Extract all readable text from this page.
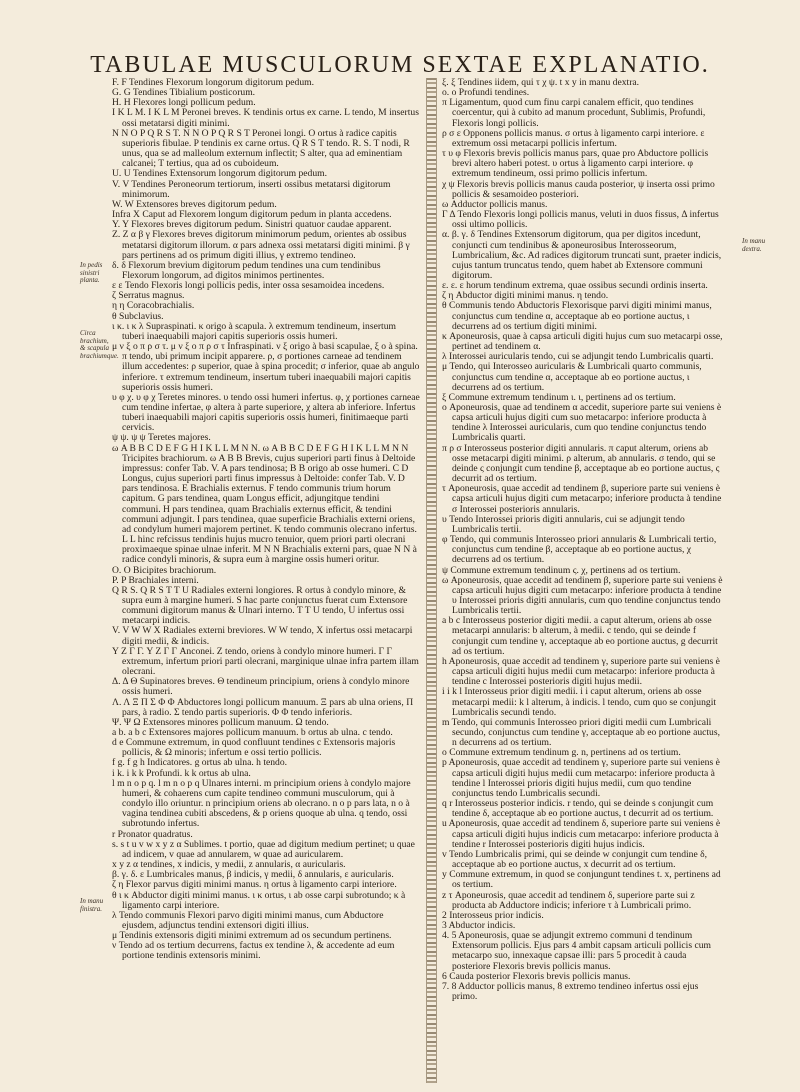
TABULAE MUSCULORUM SEXTAE EXPLANATIO.
In pedis sinistri planta.
Circa brachium, & scapula brachiumque.
In manu finistra.
In manu dextra.

F. F Tendines Flexorum longorum digitorum pedum.

G. G Tendines Tibialium posticorum.

H. H Flexores longi pollicum pedum.

I K L M. I K L M Peronei breves. K tendinis ortus ex carne. L tendo, M insertus ossi metatarsi digiti minimi.

N N O P Q R S T. N N O P Q R S T Peronei longi. O ortus à radice capitis superioris fibulae. P tendinis ex carne ortus. Q R S T tendo. R. S. T nodi, R unus, qua se ad malleolum externum inflectit; S alter, qua ad eminentiam calcanei; T tertius, qua ad os cuboideum.

U. U Tendines Extensorum longorum digitorum pedum.

V. V Tendines Peroneorum tertiorum, inserti ossibus metatarsi digitorum minimorum.

W. W Extensores breves digitorum pedum.

Infra X Caput ad Flexorem longum digitorum pedum in planta accedens.

Y. Y Flexores breves digitorum pedum. Sinistri quatuor caudae apparent.

Z. Z α β γ Flexores breves digitorum minimorum pedum, orientes ab ossibus metatarsi digitorum illorum. α pars adnexa ossi metatarsi digiti minimi. β γ pars pertinens ad os primum digiti illius, γ extremo tendineo.

δ. δ Flexorum brevium digitorum pedum tendines una cum tendinibus Flexorum longorum, ad digitos minimos pertinentes.

ε ε Tendo Flexoris longi pollicis pedis, inter ossa sesamoidea incedens.

ζ Serratus magnus.

η η Coracobrachialis.

θ Subclavius.

ι κ. ι κ λ Supraspinati. κ origo à scapula. λ extremum tendineum, insertum tuberi inaequabili majori capitis superioris ossis humeri.

μ ν ξ ο π ρ σ τ. μ ν ξ ο π ρ σ τ Infraspinati. ν ξ origo à basi scapulae, ξ ο à spina. π tendo, ubi primum incipit apparere. ρ, σ portiones carneae ad tendinem illum accedentes: ρ superior, quae à spina procedit; σ inferior, quae ab angulo inferiore. τ extremum tendineum, insertum tuberi inaequabili majori capitis superioris ossis humeri.

υ φ χ. υ φ χ Teretes minores. υ tendo ossi humeri infertus. φ, χ portiones carneae cum tendine infertae, φ altera à parte superiore, χ altera ab inferiore. Infertus tuberi inaequabili majori capitis superioris ossis humeri, finitimaeque parti cervicis.

ψ ψ. ψ ψ Teretes majores.

ω A B B C D E F G H I K L L M N N. ω A B B C D E F G H I K L L M N N Tricipites brachiorum. ω A B B Brevis, cujus superiori parti finus à Deltoide impressus: confer Tab. V. A pars tendinosa; B B origo ab osse humeri. C D Longus, cujus superiori parti finus impressus à Deltoide: confer Tab. V. D pars tendinosa. E Brachialis externus. F tendo communis trium horum capitum. G pars tendinea, quam Longus efficit, adjungitque tendini communi. H pars tendinea, quam Brachialis externus efficit, & tendini communi adjungit. I pars tendinea, quae superficie Brachialis externi oriens, ad condylum humeri majorem pertinet. K tendo communis olecrano infertus. L L hinc refcissus tendinis hujus mucro tenuior, quem priori parti olecrani proximaeque spinae ulnae inferit. M N N Brachialis externi pars, quae N N à radice condyli minoris, & supra eum à margine ossis humeri oritur.

O. O Bicipites brachiorum.

P. P Brachiales interni.

Q R S. Q R S T T U Radiales externi longiores. R ortus à condylo minore, & supra eum à margine humeri. S hac parte conjunctus fuerat cum Extensore communi digitorum manus & Ulnari interno. T T U tendo, U infertus ossi metacarpi indicis.

V. V W W X Radiales externi breviores. W W tendo, X infertus ossi metacarpi digiti medii, & indicis.

Y Z Γ Γ. Y Z Γ Γ Anconei. Z tendo, oriens à condylo minore humeri. Γ Γ extremum, infertum priori parti olecrani, marginique ulnae infra partem illam olecrani.

Δ. Δ Θ Supinatores breves. Θ tendineum principium, oriens à condylo minore ossis humeri.

Λ. Λ Ξ Π Σ Φ Φ Abductores longi pollicum manuum. Ξ pars ab ulna oriens, Π pars, à radio. Σ tendo partis superioris. Φ Φ tendo inferioris.

Ψ. Ψ Ω Extensores minores pollicum manuum. Ω tendo.

a b. a b c Extensores majores pollicum manuum. b ortus ab ulna. c tendo.

d e Commune extremum, in quod confluunt tendines c Extensoris majoris pollicis, & Ω minoris; infertum e ossi tertio pollicis.

f g. f g h Indicatores. g ortus ab ulna. h tendo.

i k. i k k Profundi. k k ortus ab ulna.

l m n o p q. l m n o p q Ulnares interni. m principium oriens à condylo majore humeri, & cohaerens cum capite tendineo communi musculorum, qui à condylo illo oriuntur. n principium oriens ab olecrano. n o p pars lata, n o à vagina tendinea cubiti abscedens, & p oriens quoque ab ulna. q tendo, ossi subrotundo infertus.

r Pronator quadratus.

s. s t u v w x y z α Sublimes. t portio, quae ad digitum medium pertinet; u quae ad indicem, v quae ad annularem, w quae ad auricularem.

x y z α tendines, x indicis, y medii, z annularis, α auricularis.

β. γ. δ. ε Lumbricales manus, β indicis, γ medii, δ annularis, ε auricularis.

ζ η Flexor parvus digiti minimi manus. η ortus à ligamento carpi interiore.

θ ι κ Abductor digiti minimi manus. ι κ ortus, ι ab osse carpi subrotundo; κ à ligamento carpi interiore.

λ Tendo communis Flexori parvo digiti minimi manus, cum Abductore ejusdem, adjunctus tendini extensori digiti illius.

μ Tendinis extensoris digiti minimi extremum ad os secundum pertinens.

ν Tendo ad os tertium decurrens, factus ex tendine λ, & accedente ad eum portione tendinis extensoris minimi.

ξ. ξ Tendines iidem, qui τ χ ψ. t x y in manu dextra.

ο. ο Profundi tendines.

π Ligamentum, quod cum finu carpi canalem efficit, quo tendines coercentur, qui à cubito ad manum procedunt, Sublimis, Profundi, Flexoris longi pollicis.

ρ σ ε Opponens pollicis manus. σ ortus à ligamento carpi interiore. ε extremum ossi metacarpi pollicis infertum.

τ υ φ Flexoris brevis pollicis manus pars, quae pro Abductore pollicis brevi altero haberi potest. υ ortus à ligamento carpi interiore. φ extremum tendineum, ossi primo pollicis infertum.

χ ψ Flexoris brevis pollicis manus cauda posterior, ψ inserta ossi primo pollicis & sesamoideo posteriori.

ω Adductor pollicis manus.

Γ Δ Tendo Flexoris longi pollicis manus, veluti in duos fissus, Δ infertus ossi ultimo pollicis.

α. β. γ. δ Tendines Extensorum digitorum, qua per digitos incedunt, conjuncti cum tendinibus & aponeurosibus Interosseorum, Lumbricalium, &c. Ad radices digitorum truncati sunt, praeter indicis, cujus tantum truncatus tendo, quem habet ab Extensore communi digitorum.

ε. ε. ε horum tendinum extrema, quae ossibus secundi ordinis inserta.

ζ η Abductor digiti minimi manus. η tendo.

θ Communis tendo Abductoris Flexorisque parvi digiti minimi manus, conjunctus cum tendine α, acceptaque ab eo portione auctus, ι decurrens ad os tertium digiti minimi.

κ Aponeurosis, quae à capsa articuli digiti hujus cum suo metacarpi osse, pertinet ad tendinem α.

λ Interossei auricularis tendo, cui se adjungit tendo Lumbricalis quarti.

μ Tendo, qui Interosseo auricularis & Lumbricali quarto communis, conjunctus cum tendine α, acceptaque ab eo portione auctus, ι decurrens ad os tertium.

ξ Commune extremum tendinum ι. ι, pertinens ad os tertium.

ο Aponeurosis, quae ad tendinem α accedit, superiore parte sui veniens è capsa articuli hujus digiti cum suo metacarpo: inferiore producta à tendine λ Interossei auricularis, cum quo tendine conjunctus tendo Lumbricalis quarti.

π ρ σ Interosseus posterior digiti annularis. π caput alterum, oriens ab osse metacarpi digiti minimi. ρ alterum, ab annularis. σ tendo, qui se deinde ς conjungit cum tendine β, acceptaque ab eo portione auctus, ς decurrit ad os tertium.

τ Aponeurosis, quae accedit ad tendinem β, superiore parte sui veniens è capsa articuli hujus digiti cum metacarpo; inferiore producta à tendine σ Interossei posterioris annularis.

υ Tendo Interossei prioris digiti annularis, cui se adjungit tendo Lumbricalis tertii.

φ Tendo, qui communis Interosseo priori annularis & Lumbricali tertio, conjunctus cum tendine β, acceptaque ab eo portione auctus, χ decurrens ad os tertium.

ψ Commune extremum tendinum ς. χ, pertinens ad os tertium.

ω Aponeurosis, quae accedit ad tendinem β, superiore parte sui veniens è capsa articuli hujus digiti cum metacarpo: inferiore producta à tendine υ Interossei prioris digiti annularis, cum quo tendine conjunctus tendo Lumbricalis tertii.

a b c Interosseus posterior digiti medii. a caput alterum, oriens ab osse metacarpi annularis: b alterum, à medii. c tendo, qui se deinde f conjungit cum tendine γ, acceptaque ab eo portione auctus, g decurrit ad os tertium.

h Aponeurosis, quae accedit ad tendinem γ, superiore parte sui veniens è capsa articuli digiti hujus medii cum metacarpo: inferiore producta à tendine c Interossei posterioris digiti hujus medii.

i i k l Interosseus prior digiti medii. i i caput alterum, oriens ab osse metacarpi medii: k l alterum, à indicis. l tendo, cum quo se conjungit Lumbricalis secundi tendo.

m Tendo, qui communis Interosseo priori digiti medii cum Lumbricali secundo, conjunctus cum tendine γ, acceptaque ab eo portione auctus, n decurrens ad os tertium.

o Commune extremum tendinum g. n, pertinens ad os tertium.

p Aponeurosis, quae accedit ad tendinem γ, superiore parte sui veniens è capsa articuli digiti hujus medii cum metacarpo: inferiore producta à tendine l Interossei prioris digiti hujus medii, cum quo tendine conjunctus tendo Lumbricalis secundi.

q r Interosseus posterior indicis. r tendo, qui se deinde s conjungit cum tendine δ, acceptaque ab eo portione auctus, t decurrit ad os tertium.

u Aponeurosis, quae accedit ad tendinem δ, superiore parte sui veniens è capsa articuli digiti hujus indicis cum metacarpo: inferiore producta à tendine r Interossei posterioris digiti hujus indicis.

v Tendo Lumbricalis primi, qui se deinde w conjungit cum tendine δ, acceptaque ab eo portione auctus, x decurrit ad os tertium.

y Commune extremum, in quod se conjungunt tendines t. x, pertinens ad os tertium.

z τ Aponeurosis, quae accedit ad tendinem δ, superiore parte sui z producta ab Adductore indicis; inferiore τ à Lumbricali primo.

2 Interosseus prior indicis.

3 Abductor indicis.

4. 5 Aponeurosis, quae se adjungit extremo communi d tendinum Extensorum pollicis. Ejus pars 4 ambit capsam articuli pollicis cum metacarpo suo, innexaque capsae illi: pars 5 procedit à cauda posteriore Flexoris brevis pollicis manus.

6 Cauda posterior Flexoris brevis pollicis manus.

7. 8 Adductor pollicis manus, 8 extremo tendineo infertus ossi ejus primo.
